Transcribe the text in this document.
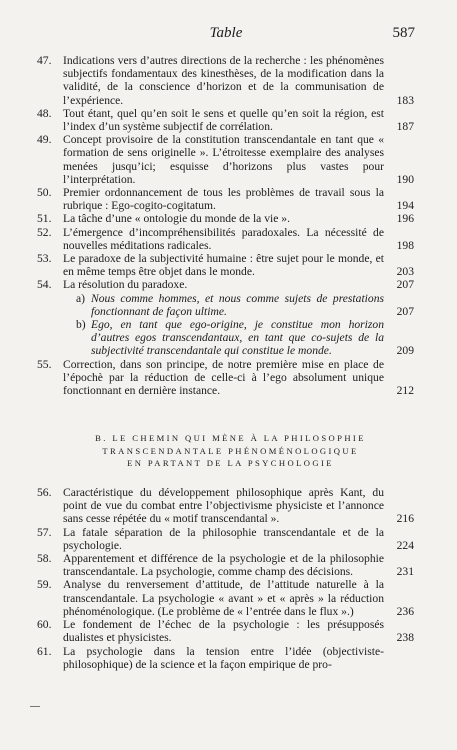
Table	587
47. Indications vers d’autres directions de la recherche : les phénomènes subjectifs fondamentaux des kinesthèses, de la modification dans la validité, de la conscience d’horizon et de la communisation de l’expérience.	183
48. Tout étant, quel qu’en soit le sens et quelle qu’en soit la région, est l’index d’un système subjectif de corrélation.	187
49. Concept provisoire de la constitution transcendantale en tant que « formation de sens originelle ». L’étroitesse exemplaire des analyses menées jusqu’ici; esquisse d’horizons plus vastes pour l’interprétation.	190
50. Premier ordonnancement de tous les problèmes de travail sous la rubrique : Ego-cogito-cogitatum.	194
51. La tâche d’une « ontologie du monde de la vie ».	196
52. L’émergence d’incompréhensibilités paradoxales. La nécessité de nouvelles méditations radicales.	198
53. Le paradoxe de la subjectivité humaine : être sujet pour le monde, et en même temps être objet dans le monde.	203
54. La résolution du paradoxe.	207
a) Nous comme hommes, et nous comme sujets de prestations fonctionnant de façon ultime.	207
b) Ego, en tant que ego-origine, je constitue mon horizon d’autres egos transcendantaux, en tant que co-sujets de la subjectivité transcendantale qui constitue le monde.	209
55. Correction, dans son principe, de notre première mise en place de l’épochè par la réduction de celle-ci à l’ego absolument unique fonctionnant en dernière instance.	212
B. LE CHEMIN QUI MÈNE À LA PHILOSOPHIE
TRANSCENDANTALE PHÉNOMÉNOLOGIQUE
EN PARTANT DE LA PSYCHOLOGIE
56. Caractéristique du développement philosophique après Kant, du point de vue du combat entre l’objectivisme physiciste et l’annonce sans cesse répétée du « motif transcendantal ».	216
57. La fatale séparation de la philosophie transcendantale et de la psychologie.	224
58. Apparentement et différence de la psychologie et de la philosophie transcendantale. La psychologie, comme champ des décisions.	231
59. Analyse du renversement d’attitude, de l’attitude naturelle à la transcendantale. La psychologie « avant » et « après » la réduction phénoménologique. (Le problème de « l’entrée dans le flux ».)	236
60. Le fondement de l’échec de la psychologie : les présupposés dualistes et physicistes.	238
61. La psychologie dans la tension entre l’idée (objectiviste-philosophique) de la science et la façon empirique de pro-
